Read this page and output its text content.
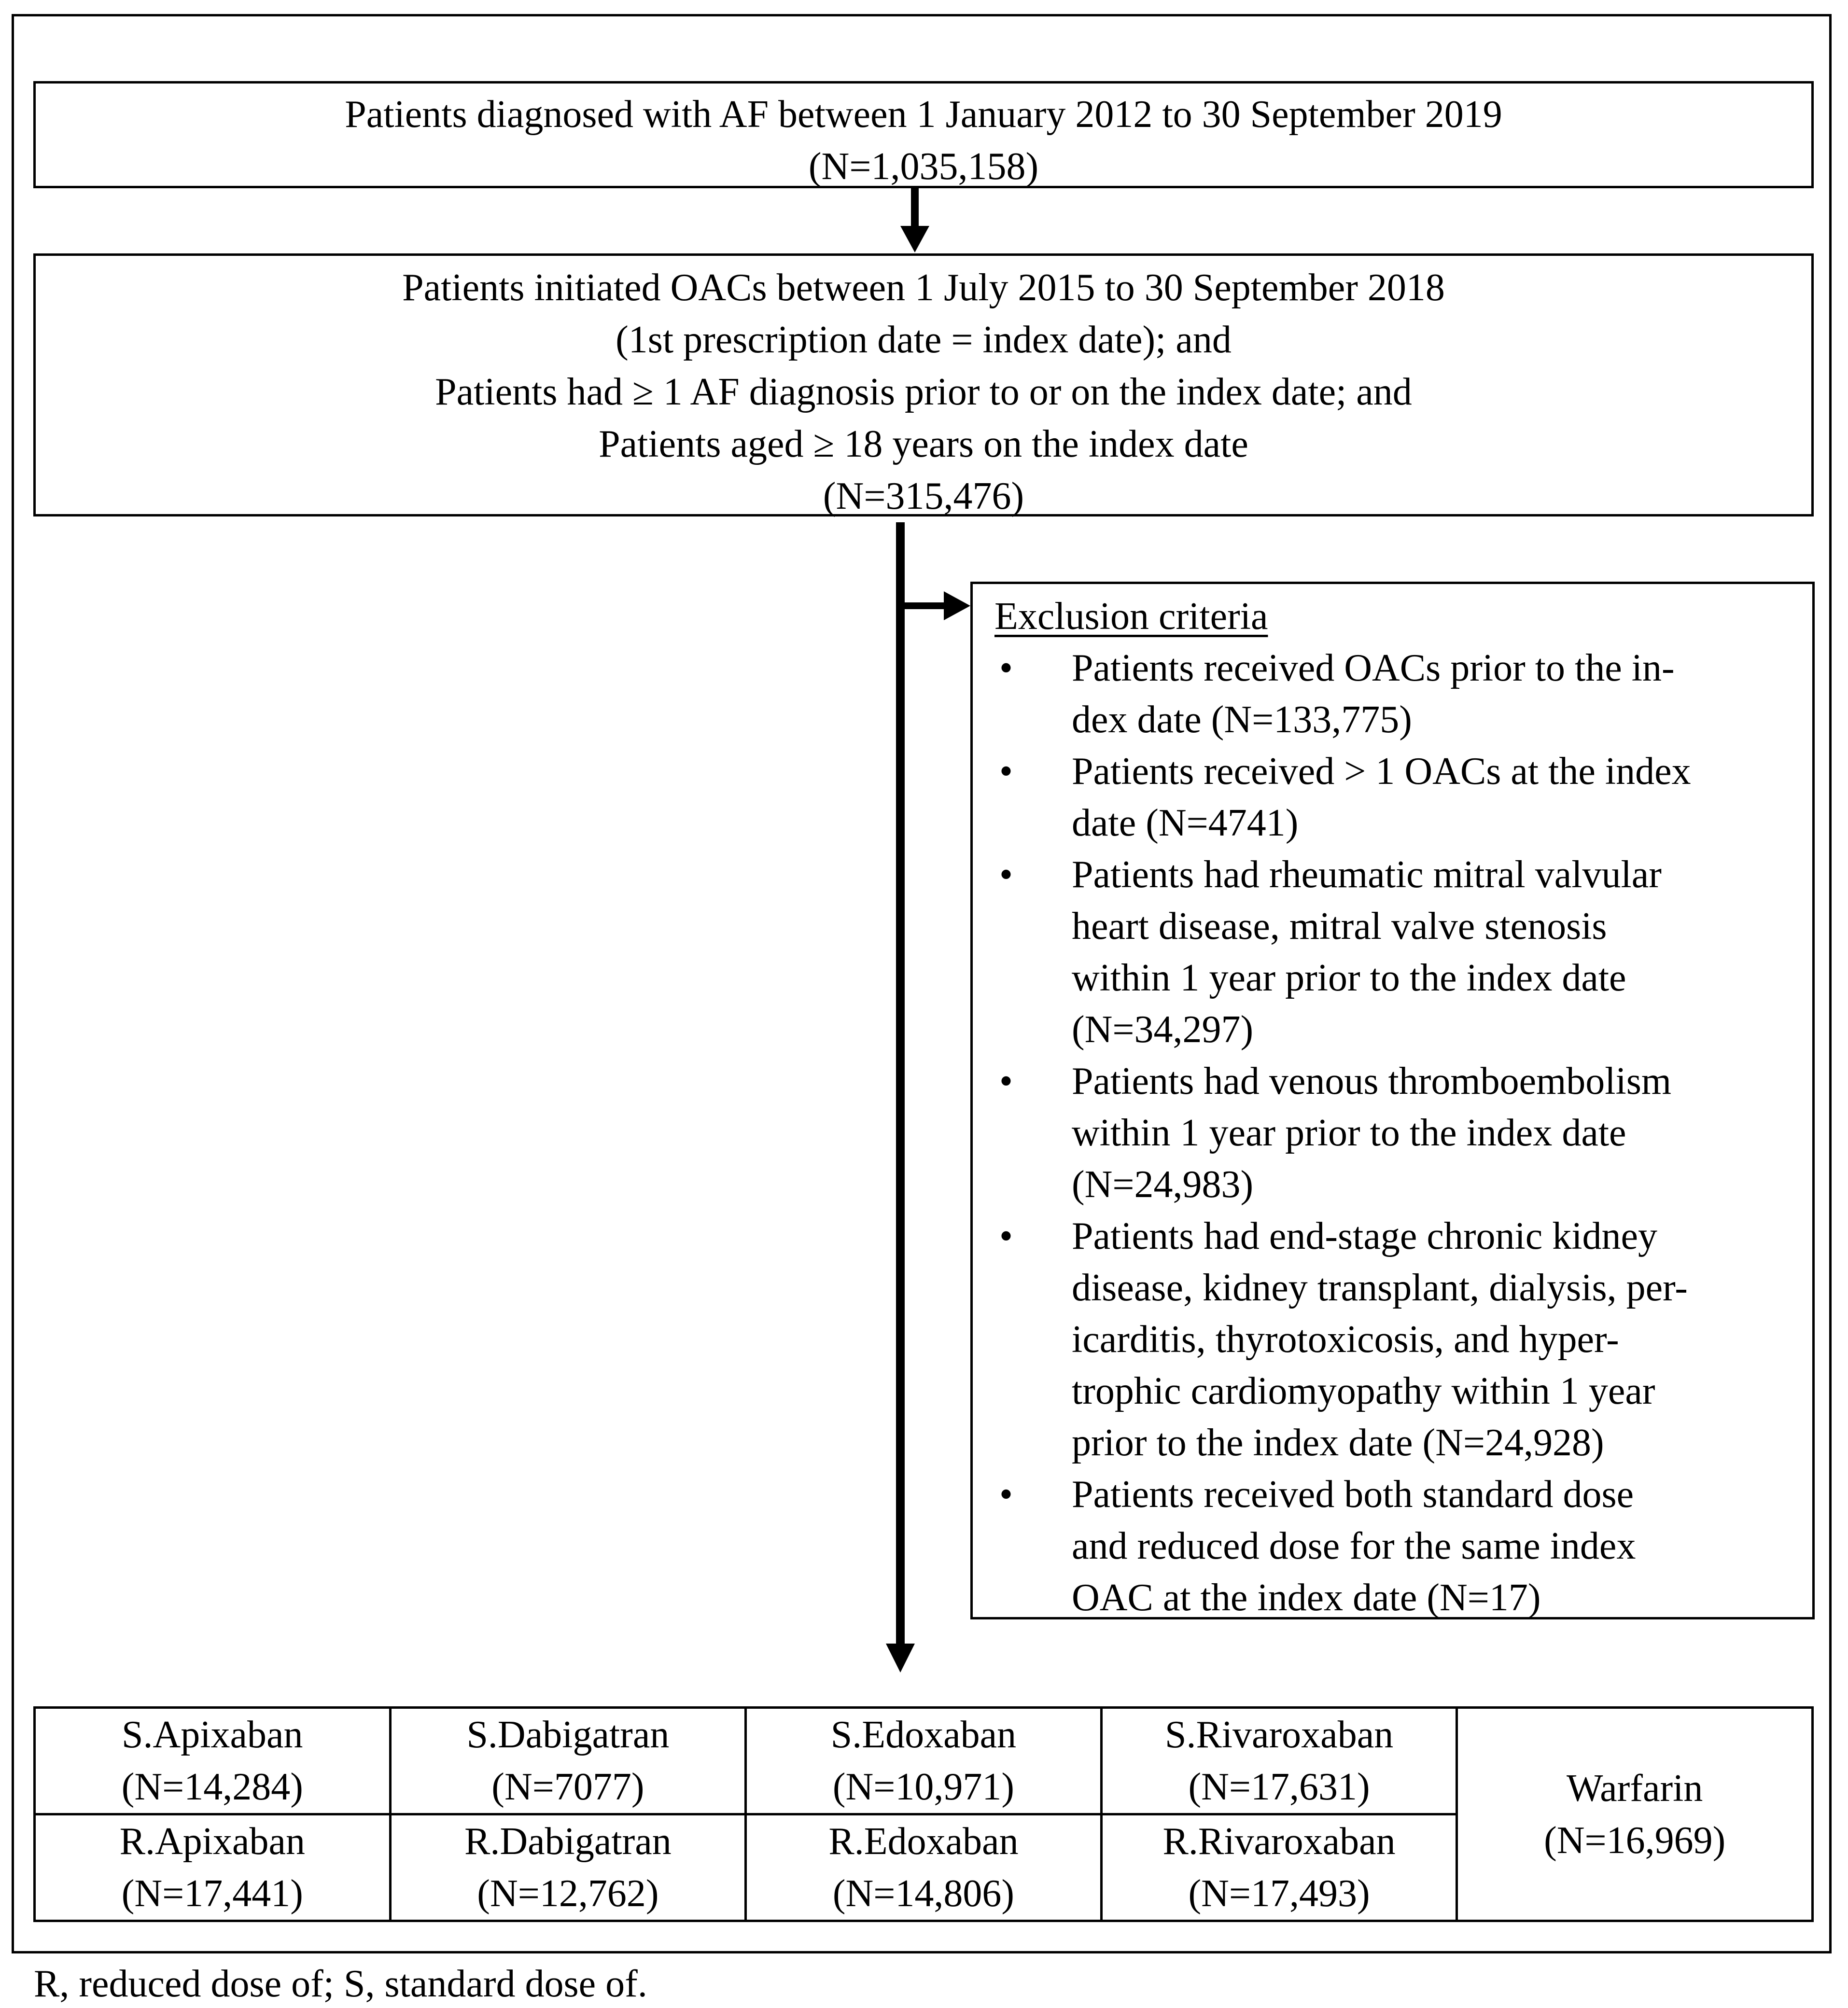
Patients diagnosed with AF between 1 January 2012 to 30 September 2019
(N=1,035,158)
Patients initiated OACs between 1 July 2015 to 30 September 2018
(1st prescription date = index date); and
Patients had ≥ 1 AF diagnosis prior to or on the index date; and
Patients aged ≥ 18 years on the index date
(N=315,476)
Exclusion criteria
• Patients received OACs prior to the in-
dex date (N=133,775)
• Patients received > 1 OACs at the index
date (N=4741)
• Patients had rheumatic mitral valvular
heart disease, mitral valve stenosis
within 1 year prior to the index date
(N=34,297)
• Patients had venous thromboembolism
within 1 year prior to the index date
(N=24,983)
• Patients had end-stage chronic kidney
disease, kidney transplant, dialysis, per-
icarditis, thyrotoxicosis, and hyper-
trophic cardiomyopathy within 1 year
prior to the index date (N=24,928)
• Patients received both standard dose
and reduced dose for the same index
OAC at the index date (N=17)
S.Apixaban
(N=14,284)	S.Dabigatran
(N=7077)	S.Edoxaban
(N=10,971)	S.Rivaroxaban
(N=17,631)	Warfarin
(N=16,969)

R.Apixaban
(N=17,441)	R.Dabigatran
(N=12,762)	R.Edoxaban
(N=14,806)	R.Rivaroxaban
(N=17,493)	
R, reduced dose of; S, standard dose of.
